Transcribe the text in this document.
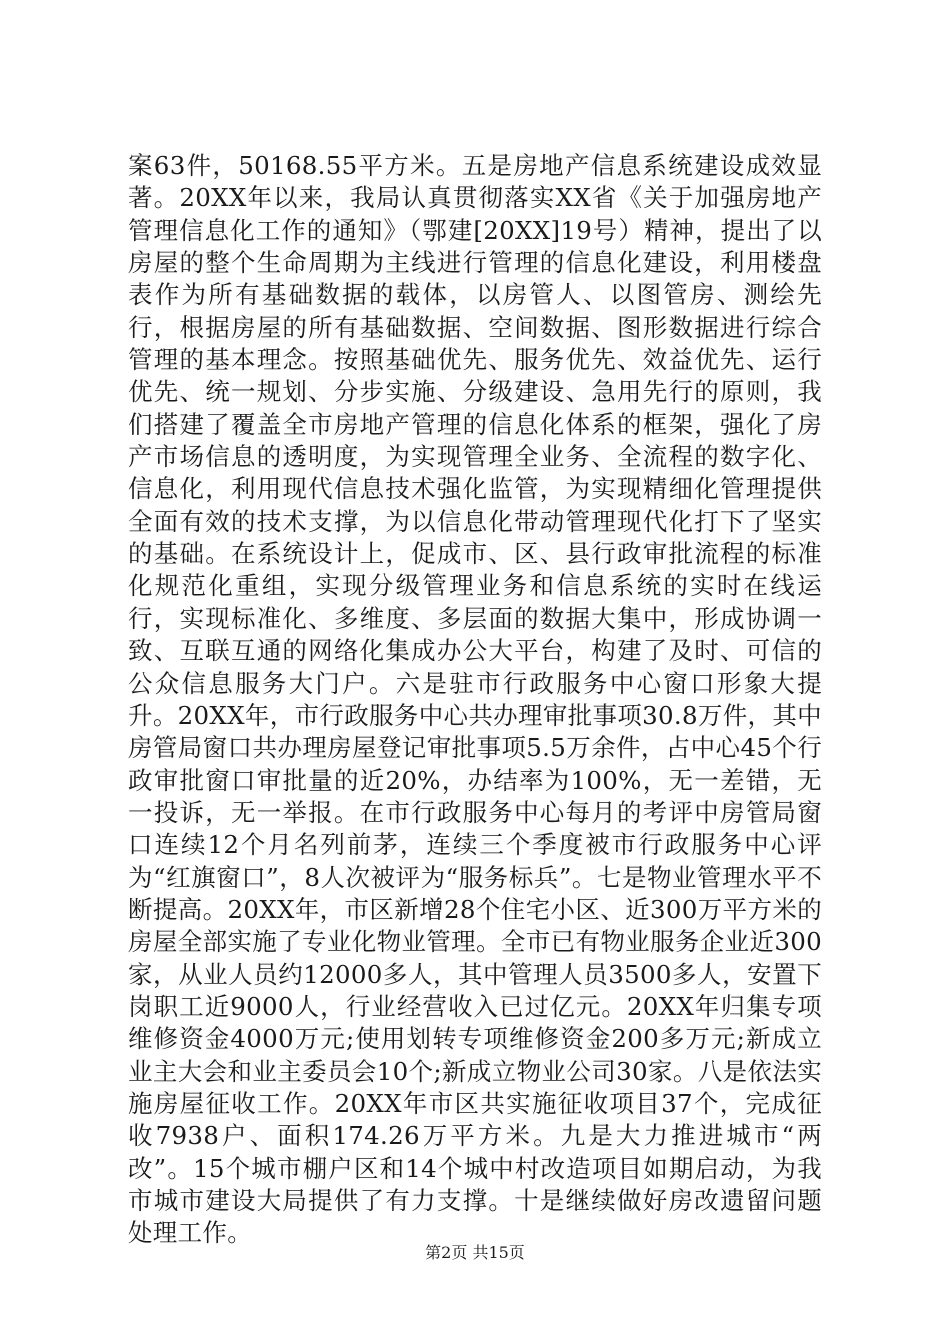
案63件，50168.55平方米。五是房地产信息系统建设成效显著。20XX年以来，我局认真贯彻落实XX省《关于加强房地产管理信息化工作的通知》（鄂建[20XX]19号）精神，提出了以房屋的整个生命周期为主线进行管理的信息化建设，利用楼盘表作为所有基础数据的载体，以房管人、以图管房、测绘先行，根据房屋的所有基础数据、空间数据、图形数据进行综合管理的基本理念。按照基础优先、服务优先、效益优先、运行优先、统一规划、分步实施、分级建设、急用先行的原则，我们搭建了覆盖全市房地产管理的信息化体系的框架，强化了房产市场信息的透明度，为实现管理全业务、全流程的数字化、信息化，利用现代信息技术强化监管，为实现精细化管理提供全面有效的技术支撑，为以信息化带动管理现代化打下了坚实的基础。在系统设计上，促成市、区、县行政审批流程的标准化规范化重组，实现分级管理业务和信息系统的实时在线运行，实现标准化、多维度、多层面的数据大集中，形成协调一致、互联互通的网络化集成办公大平台，构建了及时、可信的公众信息服务大门户。六是驻市行政服务中心窗口形象大提升。20XX年，市行政服务中心共办理审批事项30.8万件，其中房管局窗口共办理房屋登记审批事项5.5万余件，占中心45个行政审批窗口审批量的近20%，办结率为100%，无一差错，无一投诉，无一举报。在市行政服务中心每月的考评中房管局窗口连续12个月名列前茅，连续三个季度被市行政服务中心评为“红旗窗口”，8人次被评为“服务标兵”。七是物业管理水平不断提高。20XX年，市区新增28个住宅小区、近300万平方米的房屋全部实施了专业化物业管理。全市已有物业服务企业近300家，从业人员约12000多人，其中管理人员3500多人，安置下岗职工近9000人，行业经营收入已过亿元。20XX年归集专项维修资金4000万元;使用划转专项维修资金200多万元;新成立业主大会和业主委员会10个;新成立物业公司30家。八是依法实施房屋征收工作。20XX年市区共实施征收项目37个，完成征收7938户、面积174.26万平方米。九是大力推进城市“两改”。15个城市棚户区和14个城中村改造项目如期启动，为我市城市建设大局提供了有力支撑。十是继续做好房改遗留问题处理工作。

第2页 共15页
